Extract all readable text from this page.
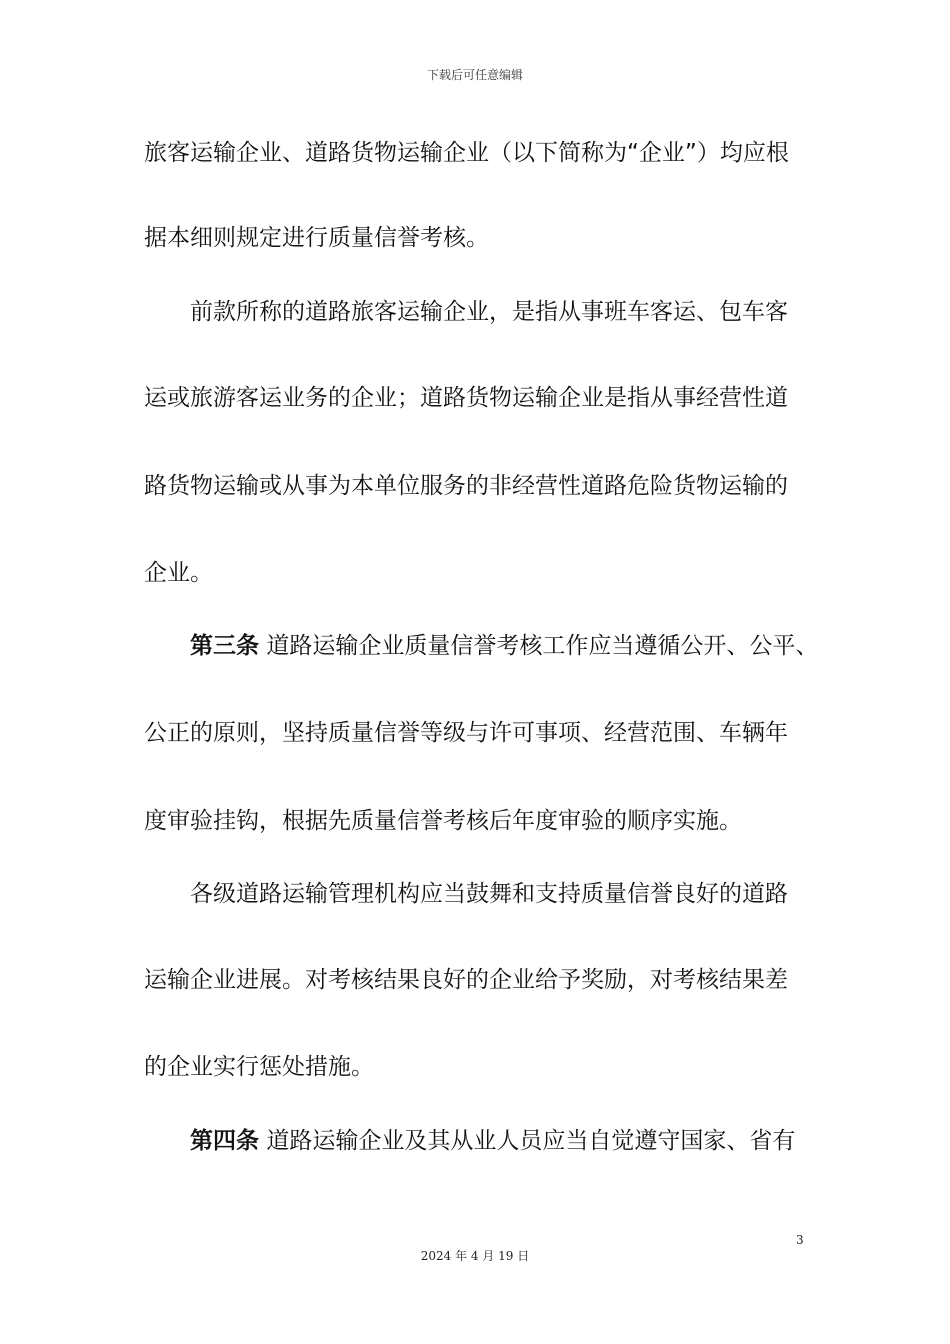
下载后可任意编辑
旅客运输企业、道路货物运输企业（以下简称为“企业”）均应根
据本细则规定进行质量信誉考核。
前款所称的道路旅客运输企业，是指从事班车客运、包车客
运或旅游客运业务的企业；道路货物运输企业是指从事经营性道
路货物运输或从事为本单位服务的非经营性道路危险货物运输的
企业。
第三条 道路运输企业质量信誉考核工作应当遵循公开、公平、
公正的原则，坚持质量信誉等级与许可事项、经营范围、车辆年
度审验挂钩，根据先质量信誉考核后年度审验的顺序实施。
各级道路运输管理机构应当鼓舞和支持质量信誉良好的道路
运输企业进展。对考核结果良好的企业给予奖励，对考核结果差
的企业实行惩处措施。
第四条 道路运输企业及其从业人员应当自觉遵守国家、省有
3
2024 年 4 月 19 日
